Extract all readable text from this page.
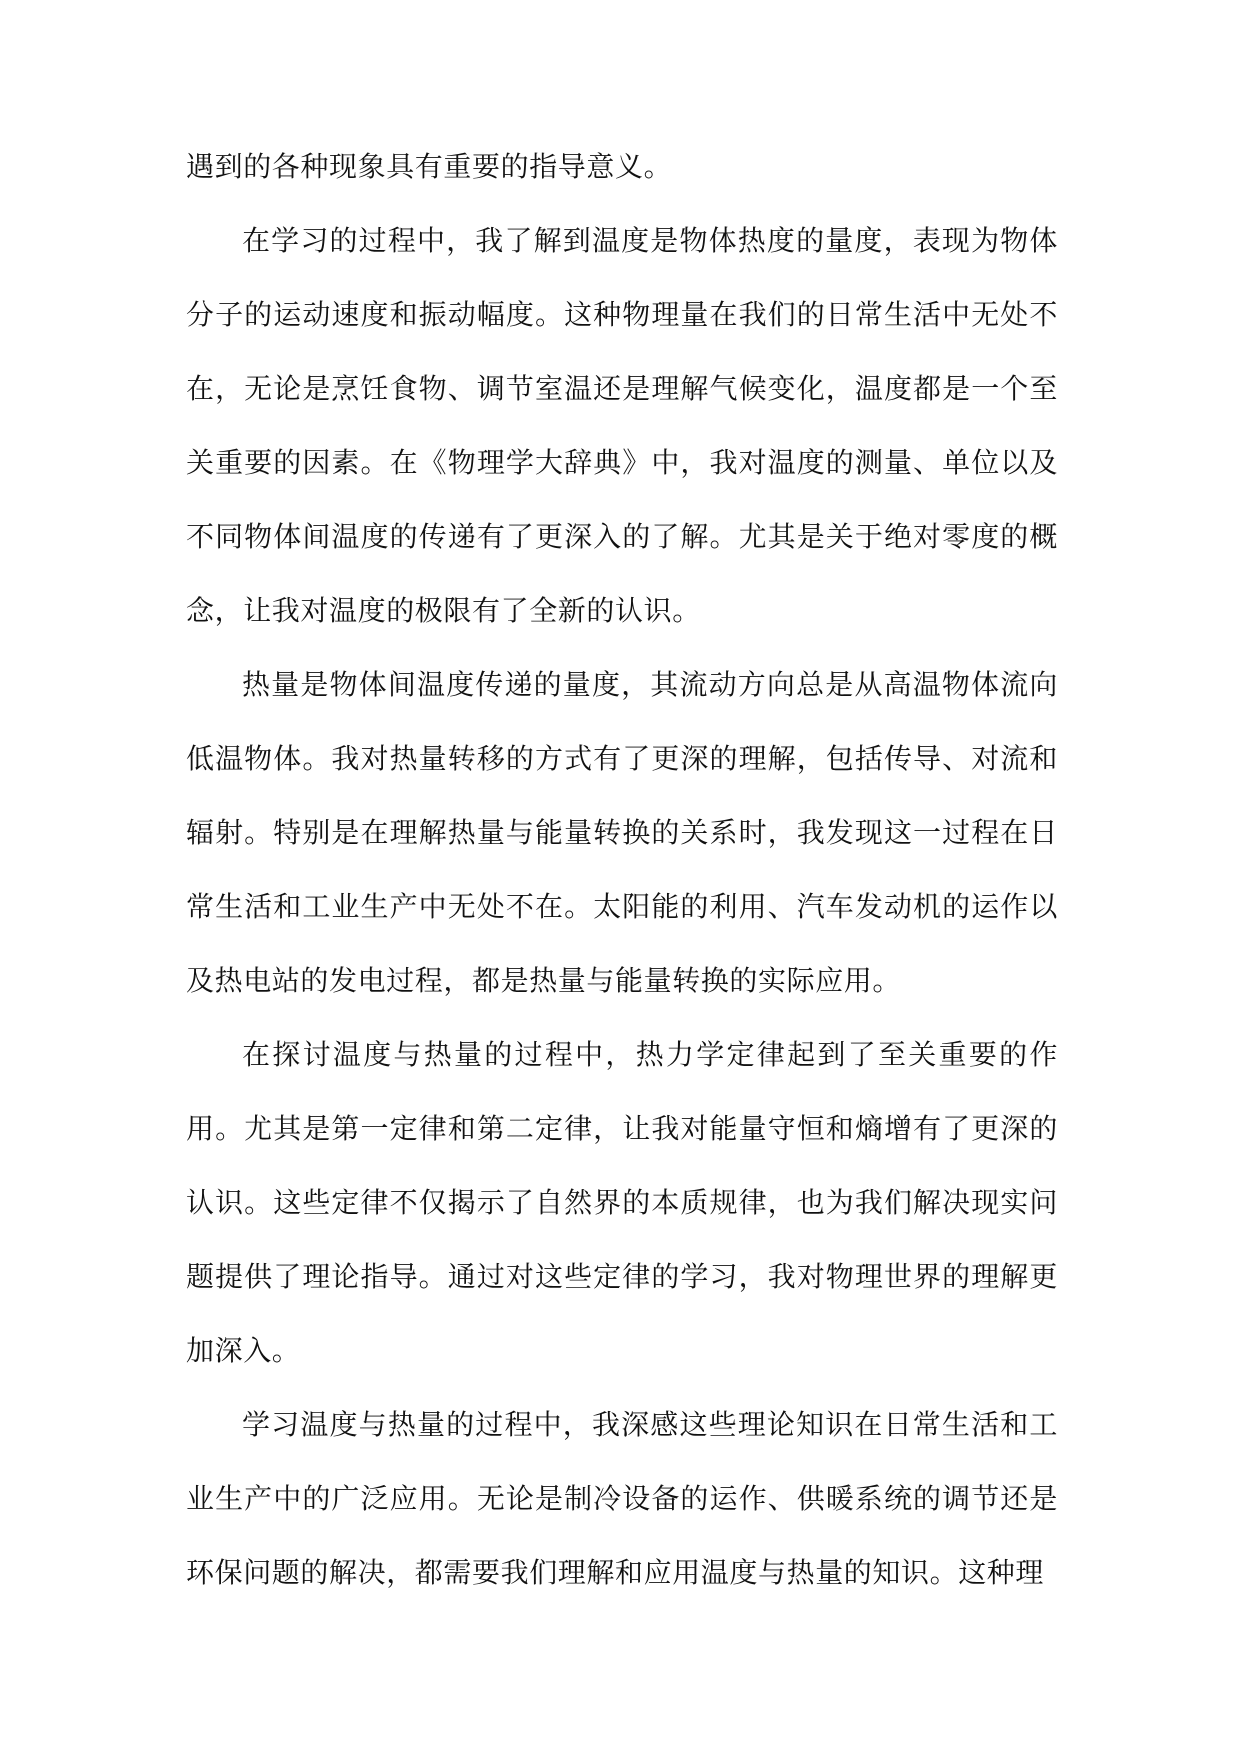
遇到的各种现象具有重要的指导意义。

在学习的过程中，我了解到温度是物体热度的量度，表现为物体分子的运动速度和振动幅度。这种物理量在我们的日常生活中无处不在，无论是烹饪食物、调节室温还是理解气候变化，温度都是一个至关重要的因素。在《物理学大辞典》中，我对温度的测量、单位以及不同物体间温度的传递有了更深入的了解。尤其是关于绝对零度的概念，让我对温度的极限有了全新的认识。

热量是物体间温度传递的量度，其流动方向总是从高温物体流向低温物体。我对热量转移的方式有了更深的理解，包括传导、对流和辐射。特别是在理解热量与能量转换的关系时，我发现这一过程在日常生活和工业生产中无处不在。太阳能的利用、汽车发动机的运作以及热电站的发电过程，都是热量与能量转换的实际应用。

在探讨温度与热量的过程中，热力学定律起到了至关重要的作用。尤其是第一定律和第二定律，让我对能量守恒和熵增有了更深的认识。这些定律不仅揭示了自然界的本质规律，也为我们解决现实问题提供了理论指导。通过对这些定律的学习，我对物理世界的理解更加深入。

学习温度与热量的过程中，我深感这些理论知识在日常生活和工业生产中的广泛应用。无论是制冷设备的运作、供暖系统的调节还是环保问题的解决，都需要我们理解和应用温度与热量的知识。这种理
